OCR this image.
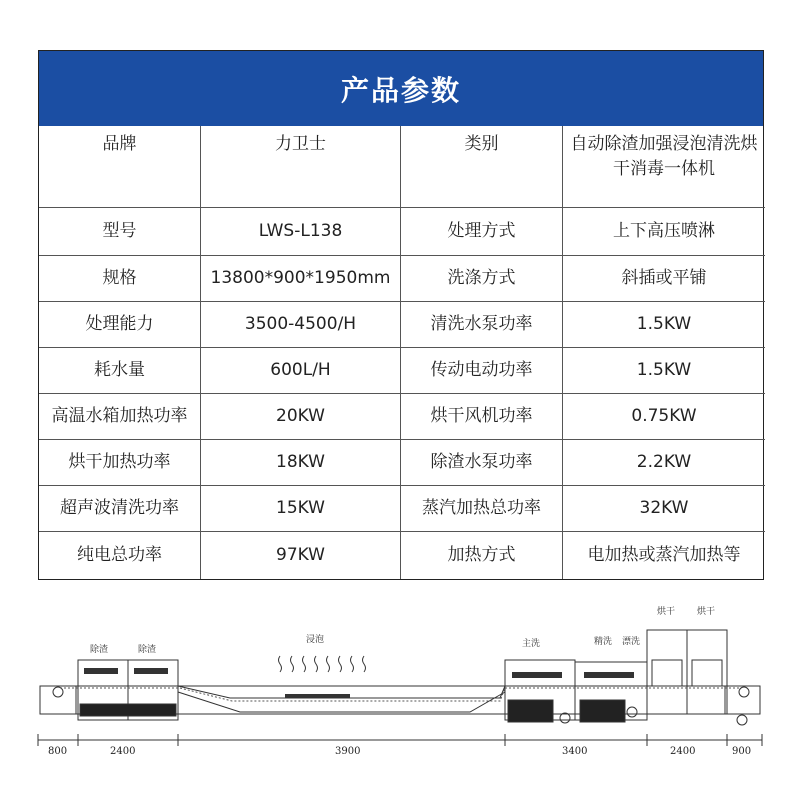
产品参数
品牌	力卫士	类别	自动除渣加强浸泡清洗烘干消毒一体机
型号	LWS-L138	处理方式	上下高压喷淋
规格	13800*900*1950mm	洗涤方式	斜插或平铺
处理能力	3500-4500/H	清洗水泵功率	1.5KW
耗水量	600L/H	传动电动功率	1.5KW
高温水箱加热功率	20KW	烘干风机功率	0.75KW
烘干加热功率	18KW	除渣水泵功率	2.2KW
超声波清洗功率	15KW	蒸汽加热总功率	32KW
纯电总功率	97KW	加热方式	电加热或蒸汽加热等
除渣	除渣
浸泡	主洗	精洗 漂洗
烘干 烘干
800	2400	3900	3400	2400	900
